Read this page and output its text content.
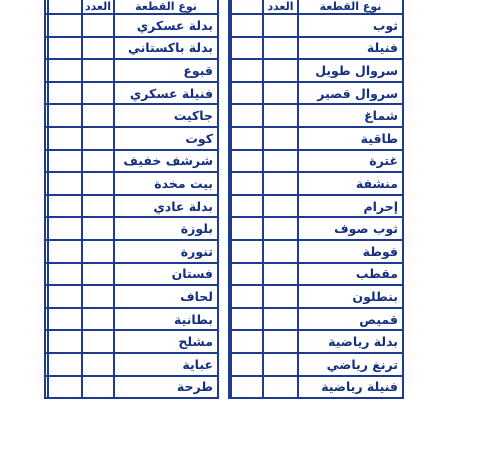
		العدد	نوع القطعة
			بدلة عسكري
			بدلة باكستاني
			قبوع
			فنيلة عسكري
			جاكيت
			كوت
			شرشف خفيف
			بيت مخدة
			بدلة عادي
			بلوزة
			تنورة
			فستان
			لحاف
			بطانية
			مشلح
			عباية
			طرحة
		العدد	نوع القطعة
			ثوب
			فنيلة
			سروال طويل
			سروال قصير
			شماغ
			طاقية
			غترة
			منشفة
			إحرام
			ثوب صوف
			فوطة
			مقطب
			بنطلون
			قميص
			بدلة رياضية
			ترنغ رياضي
			فنيلة رياضية
